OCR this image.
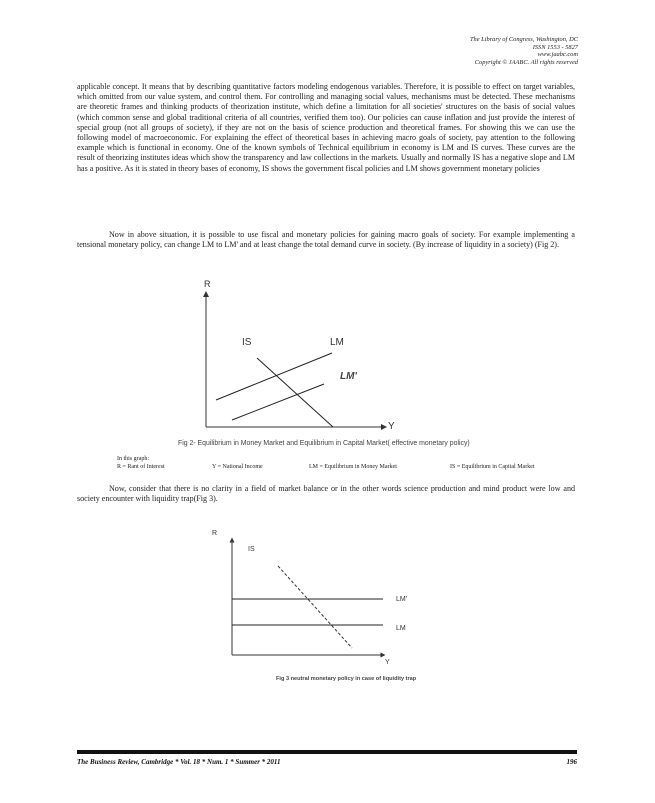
The Library of Congress, Washington, DC
ISSN 1553 - 5827
www.jaabc.com
Copyright © JAABC. All rights reserved
applicable concept. It means that by describing quantitative factors modeling endogenous variables. Therefore, it is possible to effect on target variables, which omitted from our value system, and control them. For controlling and managing social values, mechanisms must be detected. These mechanisms are theoretic frames and thinking products of theorization institute, which define a limitation for all societies' structures on the basis of social values (which common sense and global traditional criteria of all countries, verified them too). Our policies can cause inflation and just provide the interest of special group (not all groups of society), if they are not on the basis of science production and theoretical frames. For showing this we can use the following model of macroeconomic. For explaining the effect of theoretical bases in achieving macro goals of society, pay attention to the following example which is functional in economy. One of the known symbols of Technical equilibrium in economy is LM and IS curves. These curves are the result of theorizing institutes ideas which show the transparency and law collections in the markets. Usually and normally IS has a negative slope and LM has a positive. As it is stated in theory bases of economy, IS shows the government fiscal policies and LM shows government monetary policies
Now in above situation, it is possible to use fiscal and monetary policies for gaining macro goals of society. For example implementing a tensional monetary policy, can change LM to LM' and at least change the total demand curve in society. (By increase of liquidity in a society) (Fig 2).
R
Y
IS	LM
LM'
Fig 2- Equilibrium in Money Market and Equilibrium in Capital Market( effective monetary policy)
In this graph:
R = Rant of Interest	Y = National Income	LM = Equilibrium in Money Market	IS = Equilibrium in Capital Market
Now, consider that there is no clarity in a field of market balance or in the other words science production and mind product were low and society encounter with liquidity trap(Fig 3).
R
Y
IS
LM'
LM
Fig 3 neutral monetary policy in case of liquidity trap
The Business Review, Cambridge * Vol. 18 * Num. 1 * Summer * 2011	196
